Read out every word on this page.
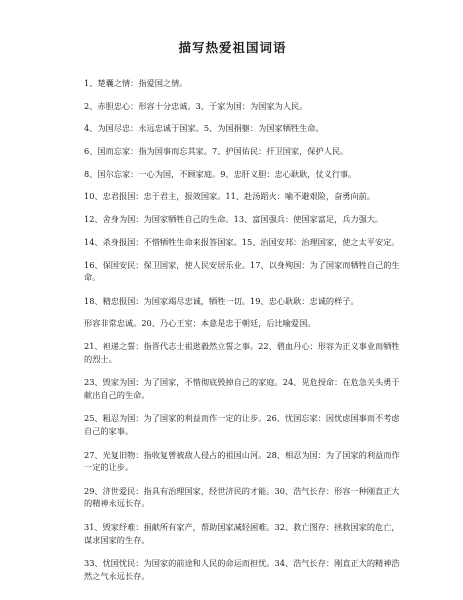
描写热爱祖国词语
1、楚囊之情：指爱国之情。
2、赤胆忠心：形容十分忠诚。3、于家为国：为国家为人民。
4、为国尽忠：永远忠诚于国家。5、为国捐躯：为国家牺牲生命。
6、国而忘家：指为国事而忘其家。7、护国佑民：扞卫国家，保护人民。
8、国尔忘家：一心为国，不顾家庭。9、忠肝义胆：忠心耿耿，仗义行事。
10、忠君报国：忠于君主，报效国家。11、赴汤蹈火：喻不避艰险，奋勇向前。
12、舍身为国：为国家牺牲自己的生命。13、富国强兵：使国家富足，兵力强大。
14、杀身报国：不惜牺牲生命来报答国家。15、治国安邦：治理国家，使之太平安定。
16、保国安民：保卫国家，使人民安居乐业。17、以身殉国：为了国家而牺牲自己的生命。
18、精忠报国：为国家竭尽忠诚，牺牲一切。19、忠心耿耿：忠诚的样子。
形容非常忠诚。20、乃心王室：本意是忠于朝廷，后比喻爱国。
21、袒递之誓：指晋代志士祖逖毅然立誓之事。22、碧血丹心：形容为正义事业而牺牲的烈士。
23、毁家为国：为了国家，不惜彻底毁掉自己的家庭。24、见危授命：在危急关头勇于献出自己的生命。
25、粗忍为国：为了国家的利益而作一定的让步。26、忧国忘家：因忧虑国事而不考虑自己的家事。
27、光复旧物：指收复曾被敌人侵占的祖国山河。28、相忍为国：为了国家的利益而作一定的让步。
29、济世爱民：指具有治理国家，经世济民的才能。30、浩气长存：形容一种刚直正大的精神永远长存。
31、毁家纾难：捐献所有家产，帮助国家减轻困难。32、救亡图存：拯救国家的危亡，谋求国家的生存。
33、忧国忧民：为国家的前途和人民的命运而担忧。34、浩气长存：刚直正大的精神浩然之气永远长存。
